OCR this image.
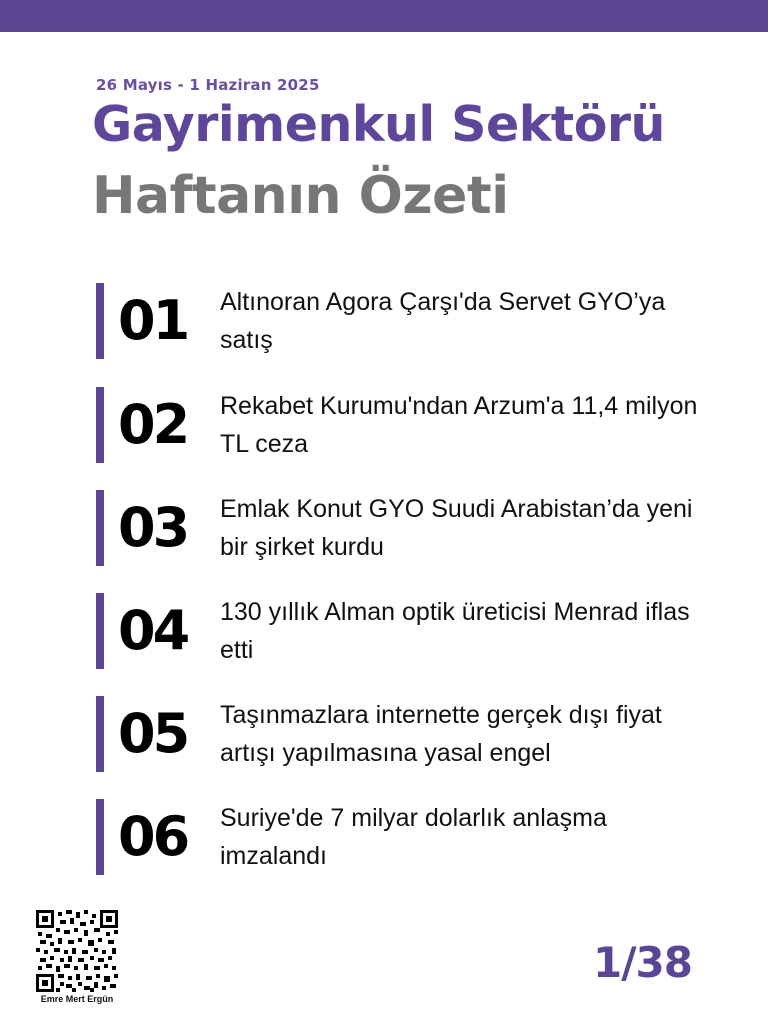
26 Mayıs - 1 Haziran 2025
Gayrimenkul Sektörü
Haftanın Özeti
01 Altınoran Agora Çarşı'da Servet GYO’ya satış
02 Rekabet Kurumu'ndan Arzum'a 11,4 milyon TL ceza
03 Emlak Konut GYO Suudi Arabistan’da yeni bir şirket kurdu
04 130 yıllık Alman optik üreticisi Menrad iflas etti
05 Taşınmazlara internette gerçek dışı fiyat artışı yapılmasına yasal engel
06 Suriye'de 7 milyar dolarlık anlaşma imzalandı
Emre Mert Ergün
1/38
